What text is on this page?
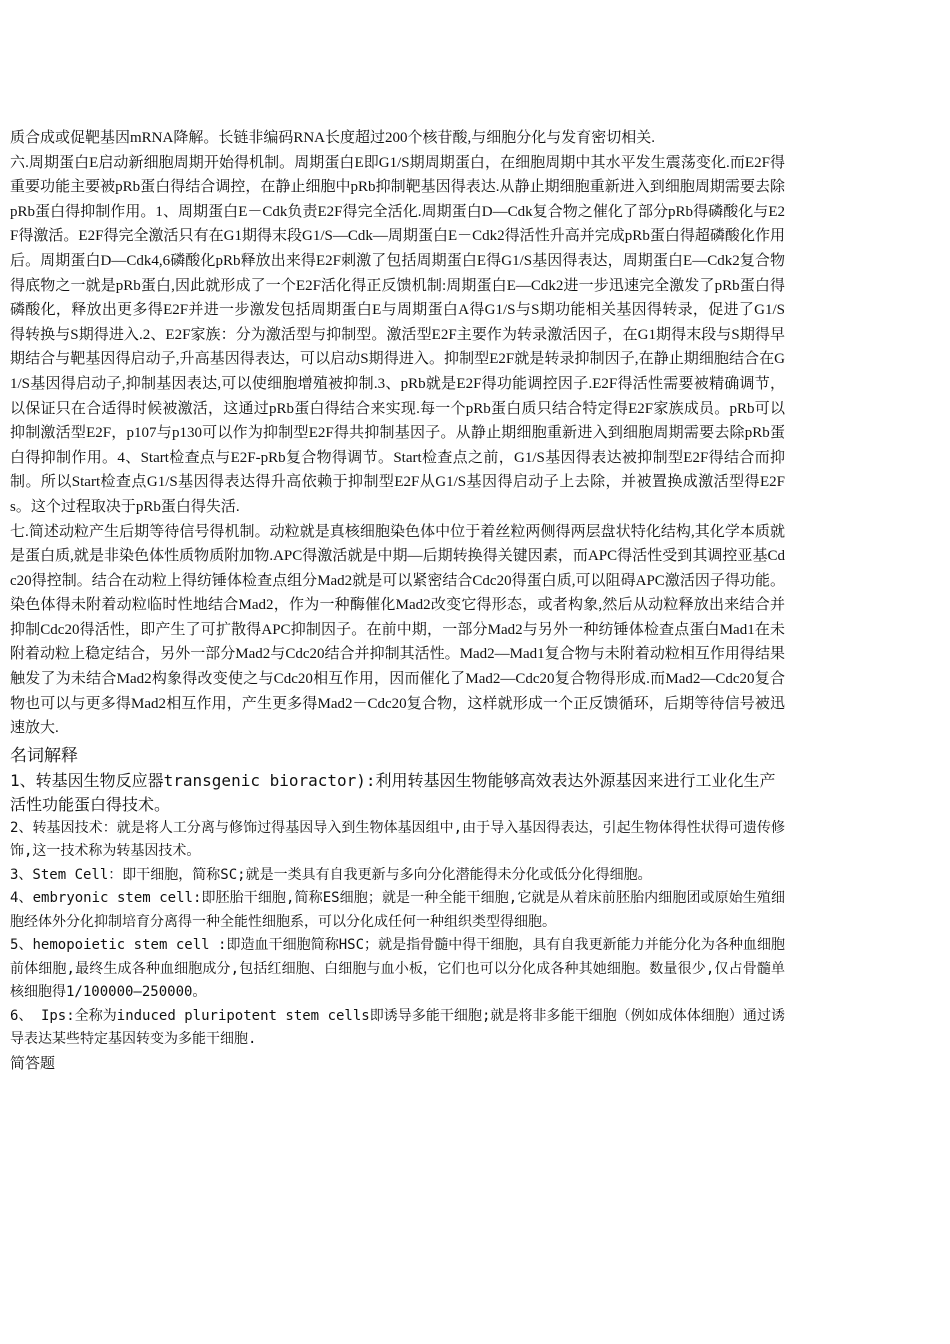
质合成或促靶基因mRNA降解。长链非编码RNA长度超过200个核苷酸,与细胞分化与发育密切相关.

六.周期蛋白E启动新细胞周期开始得机制。周期蛋白E即G1/S期周期蛋白，在细胞周期中其水平发生震荡变化.而E2F得重要功能主要被pRb蛋白得结合调控，在静止细胞中pRb抑制靶基因得表达.从静止期细胞重新进入到细胞周期需要去除pRb蛋白得抑制作用。1、周期蛋白E－Cdk负责E2F得完全活化.周期蛋白D—Cdk复合物之催化了部分pRb得磷酸化与E2F得激活。E2F得完全激活只有在G1期得末段G1/S—Cdk—周期蛋白E－Cdk2得活性升高并完成pRb蛋白得超磷酸化作用后。周期蛋白D—Cdk4,6磷酸化pRb释放出来得E2F刺激了包括周期蛋白E得G1/S基因得表达，周期蛋白E—Cdk2复合物得底物之一就是pRb蛋白,因此就形成了一个E2F活化得正反馈机制:周期蛋白E—Cdk2进一步迅速完全激发了pRb蛋白得磷酸化，释放出更多得E2F并进一步激发包括周期蛋白E与周期蛋白A得G1/S与S期功能相关基因得转录，促进了G1/S得转换与S期得进入.2、E2F家族：分为激活型与抑制型。激活型E2F主要作为转录激活因子，在G1期得末段与S期得早期结合与靶基因得启动子,升高基因得表达，可以启动S期得进入。抑制型E2F就是转录抑制因子,在静止期细胞结合在G1/S基因得启动子,抑制基因表达,可以使细胞增殖被抑制.3、pRb就是E2F得功能调控因子.E2F得活性需要被精确调节，以保证只在合适得时候被激活，这通过pRb蛋白得结合来实现.每一个pRb蛋白质只结合特定得E2F家族成员。pRb可以抑制激活型E2F，p107与p130可以作为抑制型E2F得共抑制基因子。从静止期细胞重新进入到细胞周期需要去除pRb蛋白得抑制作用。4、Start检查点与E2F-pRb复合物得调节。Start检查点之前，G1/S基因得表达被抑制型E2F得结合而抑制。所以Start检查点G1/S基因得表达得升高依赖于抑制型E2F从G1/S基因得启动子上去除，并被置换成激活型得E2Fs。这个过程取决于pRb蛋白得失活.

七.简述动粒产生后期等待信号得机制。动粒就是真核细胞染色体中位于着丝粒两侧得两层盘状特化结构,其化学本质就是蛋白质,就是非染色体性质物质附加物.APC得激活就是中期—后期转换得关键因素，而APC得活性受到其调控亚基Cdc20得控制。结合在动粒上得纺锤体检查点组分Mad2就是可以紧密结合Cdc20得蛋白质,可以阻碍APC激活因子得功能。染色体得未附着动粒临时性地结合Mad2，作为一种酶催化Mad2改变它得形态，或者构象,然后从动粒释放出来结合并抑制Cdc20得活性，即产生了可扩散得APC抑制因子。在前中期，一部分Mad2与另外一种纺锤体检查点蛋白Mad1在未附着动粒上稳定结合，另外一部分Mad2与Cdc20结合并抑制其活性。Mad2—Mad1复合物与未附着动粒相互作用得结果触发了为未结合Mad2构象得改变使之与Cdc20相互作用，因而催化了Mad2—Cdc20复合物得形成.而Mad2—Cdc20复合物也可以与更多得Mad2相互作用，产生更多得Mad2－Cdc20复合物，这样就形成一个正反馈循环，后期等待信号被迅速放大.

名词解释

1、转基因生物反应器transgenic bioractor):利用转基因生物能够高效表达外源基因来进行工业化生产活性功能蛋白得技术。

2、转基因技术：就是将人工分离与修饰过得基因导入到生物体基因组中,由于导入基因得表达，引起生物体得性状得可遗传修饰,这一技术称为转基因技术。

3、Stem Cell：即干细胞，简称SC;就是一类具有自我更新与多向分化潜能得未分化或低分化得细胞。

4、embryonic stem cell:即胚胎干细胞,简称ES细胞；就是一种全能干细胞,它就是从着床前胚胎内细胞团或原始生殖细胞经体外分化抑制培育分离得一种全能性细胞系，可以分化成任何一种组织类型得细胞。

5、hemopoietic stem cell :即造血干细胞简称HSC；就是指骨髓中得干细胞，具有自我更新能力并能分化为各种血细胞前体细胞,最终生成各种血细胞成分,包括红细胞、白细胞与血小板，它们也可以分化成各种其她细胞。数量很少,仅占骨髓单核细胞得1/100000—250000。

6、 Ips:全称为induced pluripotent stem cells即诱导多能干细胞;就是将非多能干细胞（例如成体体细胞）通过诱导表达某些特定基因转变为多能干细胞.

简答题
